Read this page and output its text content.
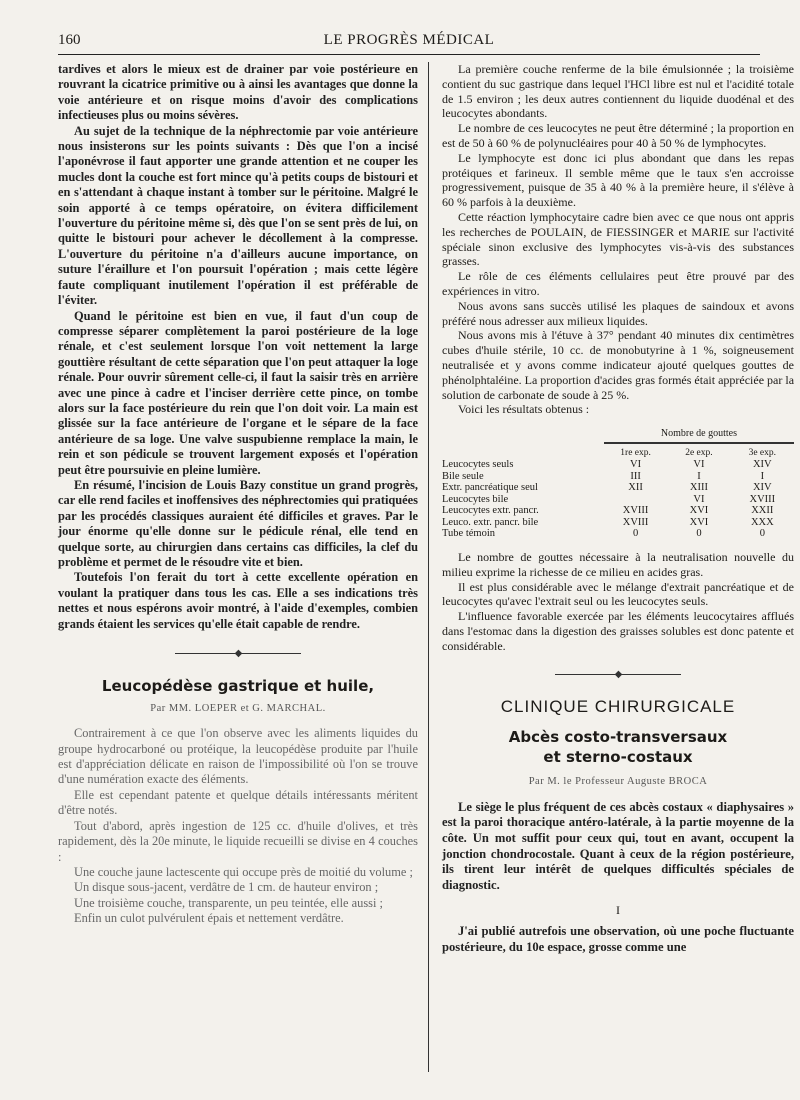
160	LE PROGRÈS MÉDICAL

tardives et alors le mieux est de drainer par voie postérieure en rouvrant la cicatrice primitive ou à ainsi les avantages que donne la voie antérieure et on risque moins d'avoir des complications infectieuses plus ou moins sévères.

Au sujet de la technique de la néphrectomie par voie antérieure nous insisterons sur les points suivants : Dès que l'on a incisé l'aponévrose il faut apporter une grande attention et ne couper les mucles dont la couche est fort mince qu'à petits coups de bistouri et en s'attendant à chaque instant à tomber sur le péritoine. Malgré le soin apporté à ce temps opératoire, on évitera difficilement l'ouverture du péritoine même si, dès que l'on se sent près de lui, on quitte le bistouri pour achever le décollement à la compresse. L'ouverture du péritoine n'a d'ailleurs aucune importance, on suture l'éraillure et l'on poursuit l'opération ; mais cette légère faute compliquant inutilement l'opération il est préférable de l'éviter.

Quand le péritoine est bien en vue, il faut d'un coup de compresse séparer complètement la paroi postérieure de la loge rénale, et c'est seulement lorsque l'on voit nettement la large gouttière résultant de cette séparation que l'on peut attaquer la loge rénale. Pour ouvrir sûrement celle-ci, il faut la saisir très en arrière avec une pince à cadre et l'inciser derrière cette pince, on tombe alors sur la face postérieure du rein que l'on doit voir. La main est glissée sur la face antérieure de l'organe et le sépare de la face antérieure de sa loge. Une valve suspubienne remplace la main, le rein et son pédicule se trouvent largement exposés et l'opération peut être poursuivie en pleine lumière.

En résumé, l'incision de Louis Bazy constitue un grand progrès, car elle rend faciles et inoffensives des néphrectomies qui pratiquées par les procédés classiques auraient été difficiles et graves. Par le jour énorme qu'elle donne sur le pédicule rénal, elle tend en quelque sorte, au chirurgien dans certains cas difficiles, la clef du problème et permet de le résoudre vite et bien.

Toutefois l'on ferait du tort à cette excellente opération en voulant la pratiquer dans tous les cas. Elle a ses indications très nettes et nous espérons avoir montré, à l'aide d'exemples, combien grands étaient les services qu'elle était capable de rendre.

◆
Leucopédèse gastrique et huile,
Par MM. LOEPER et G. MARCHAL.

Contrairement à ce que l'on observe avec les aliments liquides du groupe hydrocarboné ou protéique, la leucopédèse produite par l'huile est d'appréciation délicate en raison de l'impossibilité où l'on se trouve d'une numération exacte des éléments.

Elle est cependant patente et quelque détails intéressants méritent d'être notés.

Tout d'abord, après ingestion de 125 cc. d'huile d'olives, et très rapidement, dès la 20e minute, le liquide recueilli se divise en 4 couches :

Une couche jaune lactescente qui occupe près de moitié du volume ;

Un disque sous-jacent, verdâtre de 1 cm. de hauteur environ ;

Une troisième couche, transparente, un peu teintée, elle aussi ;

Enfin un culot pulvérulent épais et nettement verdâtre.

La première couche renferme de la bile émulsionnée ; la troisième contient du suc gastrique dans lequel l'HCl libre est nul et l'acidité totale de 1.5 environ ; les deux autres contiennent du liquide duodénal et des leucocytes abondants.

Le nombre de ces leucocytes ne peut être déterminé ; la proportion en est de 50 à 60 % de polynucléaires pour 40 à 50 % de lymphocytes.

Le lymphocyte est donc ici plus abondant que dans les repas protéiques et farineux. Il semble même que le taux s'en accroisse progressivement, puisque de 35 à 40 % à la première heure, il s'élève à 60 % parfois à la deuxième.

Cette réaction lymphocytaire cadre bien avec ce que nous ont appris les recherches de POULAIN, de FIESSINGER et MARIE sur l'activité spéciale sinon exclusive des lymphocytes vis-à-vis des substances grasses.

Le rôle de ces éléments cellulaires peut être prouvé par des expériences in vitro.

Nous avons sans succès utilisé les plaques de saindoux et avons préféré nous adresser aux milieux liquides.

Nous avons mis à l'étuve à 37° pendant 40 minutes dix centimètres cubes d'huile stérile, 10 cc. de monobutyrine à 1 %, soigneusement neutralisée et y avons comme indicateur ajouté quelques gouttes de phénolphtaléine. La proportion d'acides gras formés était appréciée par la solution de carbonate de soude à 25 %.

Voici les résultats obtenus :

Nombre de gouttes
	1re exp.	2e exp.	3e exp.
Leucocytes seuls	VI	VI	XIV
Bile seule	III	I	I
Extr. pancréatique seul	XII	XIII	XIV
Leucocytes bile		VI	XVIII
Leucocytes extr. pancr.	XVIII	XVI	XXII
Leuco. extr. pancr. bile	XVIII	XVI	XXX
Tube témoin	0	0	0

Le nombre de gouttes nécessaire à la neutralisation nouvelle du milieu exprime la richesse de ce milieu en acides gras.

Il est plus considérable avec le mélange d'extrait pancréatique et de leucocytes qu'avec l'extrait seul ou les leucocytes seuls.

L'influence favorable exercée par les éléments leucocytaires afflués dans l'estomac dans la digestion des graisses solubles est donc patente et considérable.

◆
CLINIQUE CHIRURGICALE
Abcès costo-transversaux
et sterno-costaux
Par M. le Professeur Auguste BROCA

Le siège le plus fréquent de ces abcès costaux « diaphysaires » est la paroi thoracique antéro-latérale, à la partie moyenne de la côte. Un mot suffit pour ceux qui, tout en avant, occupent la jonction chondrocostale. Quant à ceux de la région postérieure, ils tirent leur intérêt de quelques difficultés spéciales de diagnostic.

I

J'ai publié autrefois une observation, où une poche fluctuante postérieure, du 10e espace, grosse comme une
